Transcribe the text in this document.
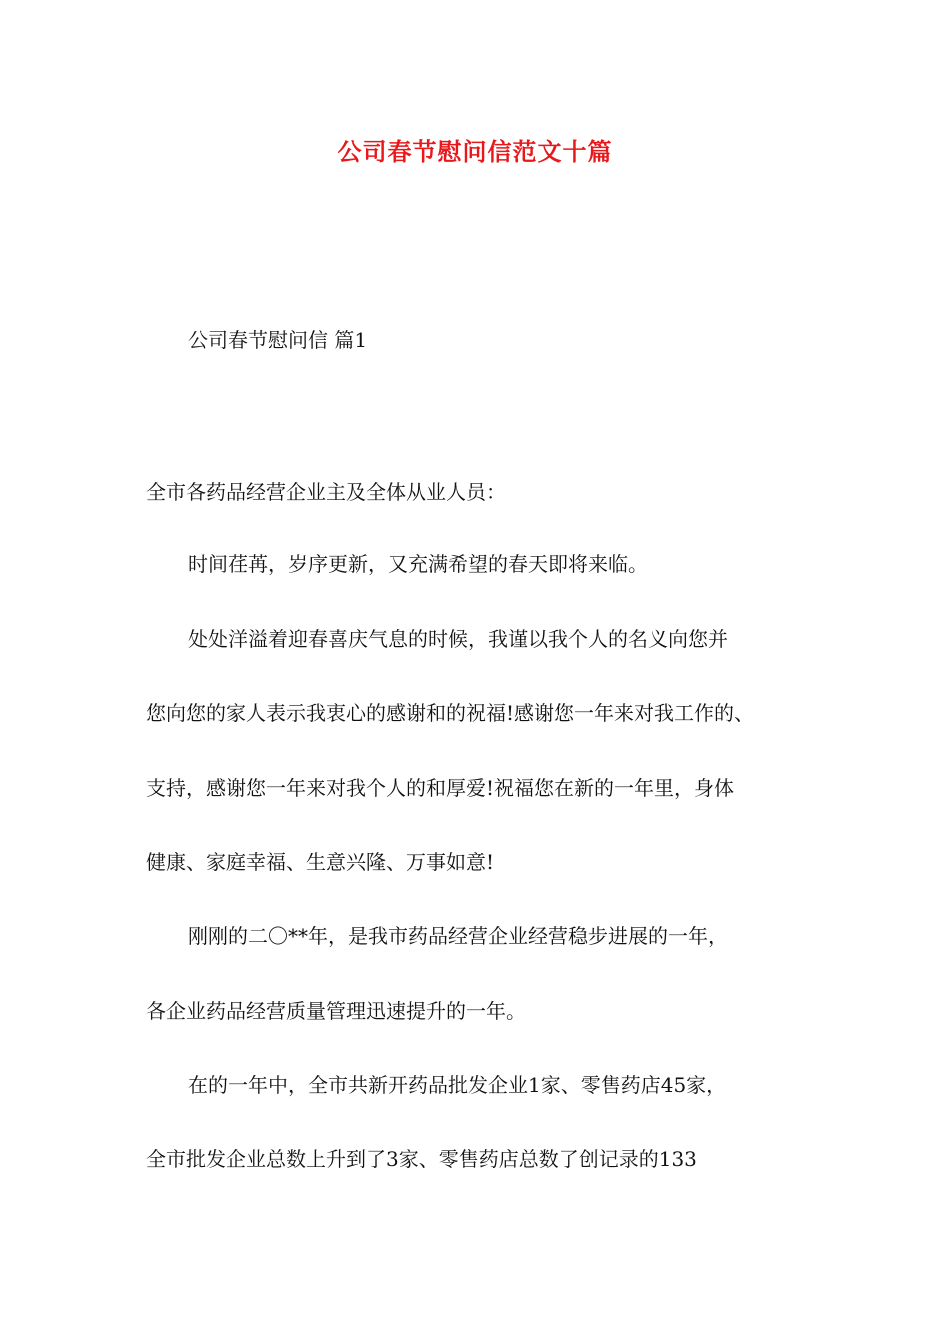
公司春节慰问信范文十篇

公司春节慰问信 篇1

全市各药品经营企业主及全体从业人员：

时间荏苒，岁序更新，又充满希望的春天即将来临。

处处洋溢着迎春喜庆气息的时候，我谨以我个人的名义向您并

您向您的家人表示我衷心的感谢和的祝福!感谢您一年来对我工作的、

支持，感谢您一年来对我个人的和厚爱!祝福您在新的一年里，身体

健康、家庭幸福、生意兴隆、万事如意!

刚刚的二〇**年，是我市药品经营企业经营稳步进展的一年，

各企业药品经营质量管理迅速提升的一年。

在的一年中，全市共新开药品批发企业1家、零售药店45家，

全市批发企业总数上升到了3家、零售药店总数了创记录的133
